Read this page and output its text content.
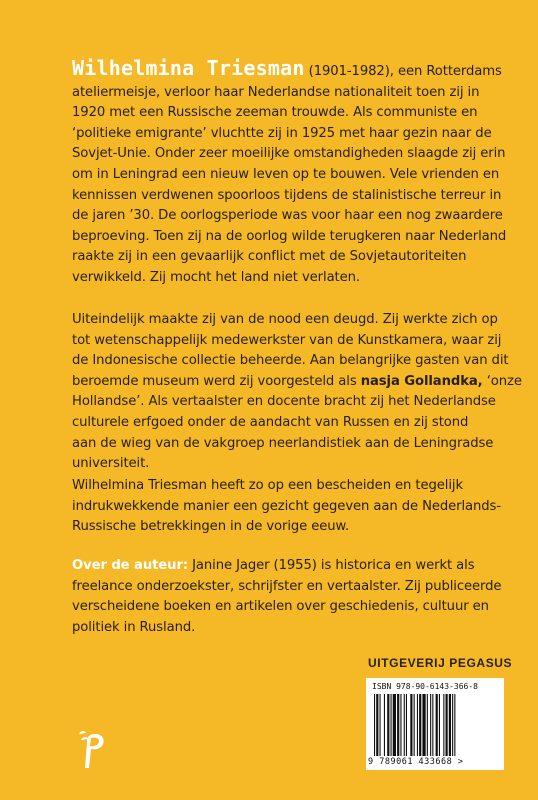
Wilhelmina Triesman (1901-1982), een Rotterdams
ateliermeisje, verloor haar Nederlandse nationaliteit toen zij in
1920 met een Russische zeeman trouwde. Als communiste en
‘politieke emigrante’ vluchtte zij in 1925 met haar gezin naar de
Sovjet-Unie. Onder zeer moeilijke omstandigheden slaagde zij erin
om in Leningrad een nieuw leven op te bouwen. Vele vrienden en
kennissen verdwenen spoorloos tijdens de stalinistische terreur in
de jaren ’30. De oorlogsperiode was voor haar een nog zwaardere
beproeving. Toen zij na de oorlog wilde terugkeren naar Nederland
raakte zij in een gevaarlijk conflict met de Sovjetautoriteiten
verwikkeld. Zij mocht het land niet verlaten.
Uiteindelijk maakte zij van de nood een deugd. Zij werkte zich op
tot wetenschappelijk medewerkster van de Kunstkamera, waar zij
de Indonesische collectie beheerde. Aan belangrijke gasten van dit
beroemde museum werd zij voorgesteld als nasja Gollandka, ‘onze
Hollandse’. Als vertaalster en docente bracht zij het Nederlandse
culturele erfgoed onder de aandacht van Russen en zij stond
aan de wieg van de vakgroep neerlandistiek aan de Leningradse
universiteit.
Wilhelmina Triesman heeft zo op een bescheiden en tegelijk
indrukwekkende manier een gezicht gegeven aan de Nederlands-
Russische betrekkingen in de vorige eeuw.
Over de auteur: Janine Jager (1955) is historica en werkt als
freelance onderzoekster, schrijfster en vertaalster. Zij publiceerde
verscheidene boeken en artikelen over geschiedenis, cultuur en
politiek in Rusland.
UITGEVERIJ PEGASUS
ISBN 978-90-6143-366-8
9 789061 433668 >
